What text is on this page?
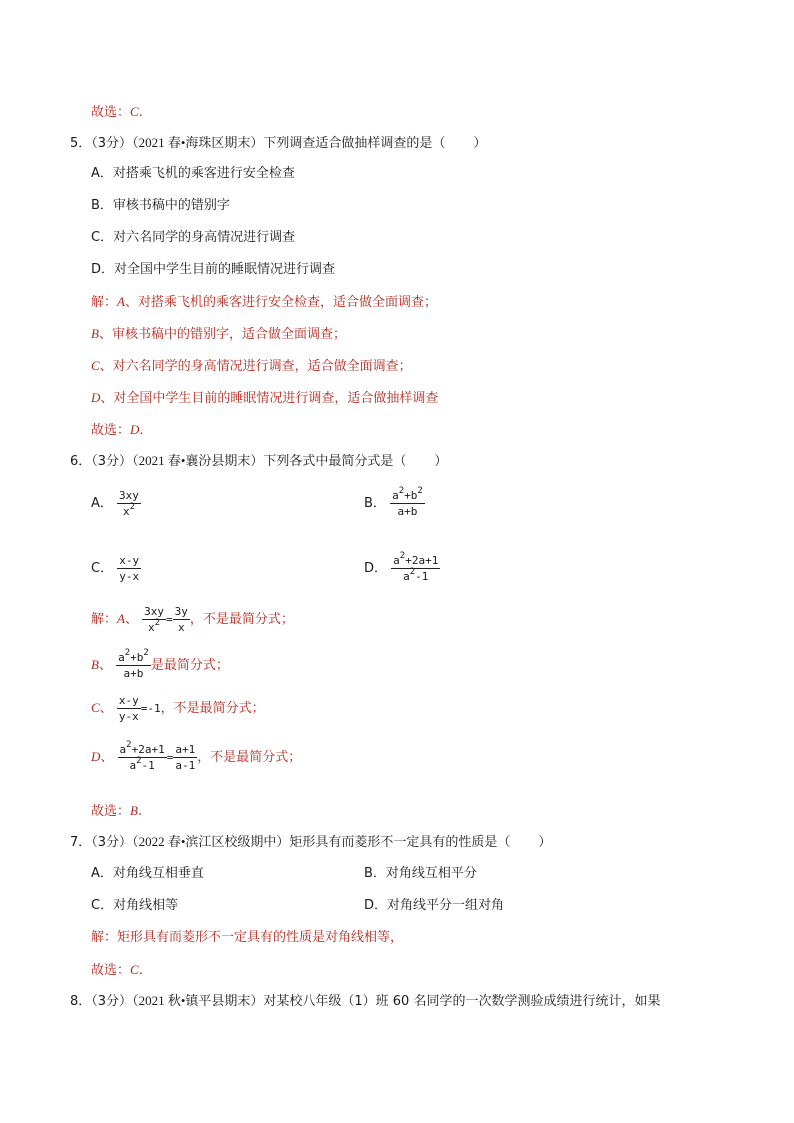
故选：C.
5．（3分）（2021 春•海珠区期末）下列调查适合做抽样调查的是（ ）
A．对搭乘飞机的乘客进行安全检查
B．审核书稿中的错别字
C．对六名同学的身高情况进行调查
D．对全国中学生目前的睡眠情况进行调查
解：A、对搭乘飞机的乘客进行安全检查，适合做全面调查；
B、审核书稿中的错别字，适合做全面调查；
C、对六名同学的身高情况进行调查，适合做全面调查；
D、对全国中学生目前的睡眠情况进行调查，适合做抽样调查
故选：D.
6．（3分）（2021 春•襄汾县期末）下列各式中最简分式是（ ）
A． $\frac{3xy}{x^2}$	B． $\frac{a^2+b^2}{a+b}$
C． $\frac{x-y}{y-x}$	D． $\frac{a^2+2a+1}{a^2-1}$
解：A、 $\frac{3xy}{x^2} = \frac{3y}{x}$ ，不是最简分式；
B、 $\frac{a^2+b^2}{a+b}$ 是最简分式；
C、 $\frac{x-y}{y-x} =-1$，不是最简分式；
D、 $\frac{a^2+2a+1}{a^2-1} = \frac{a+1}{a-1}$ ，不是最简分式；
故选：B.
7．（3分）（2022 春•滨江区校级期中）矩形具有而菱形不一定具有的性质是（ ）
A．对角线互相垂直	B．对角线互相平分
C．对角线相等	D．对角线平分一组对角
解：矩形具有而菱形不一定具有的性质是对角线相等，
故选：C.
8．（3分）（2021 秋•镇平县期末）对某校八年级（1）班 60 名同学的一次数学测验成绩进行统计，如果
